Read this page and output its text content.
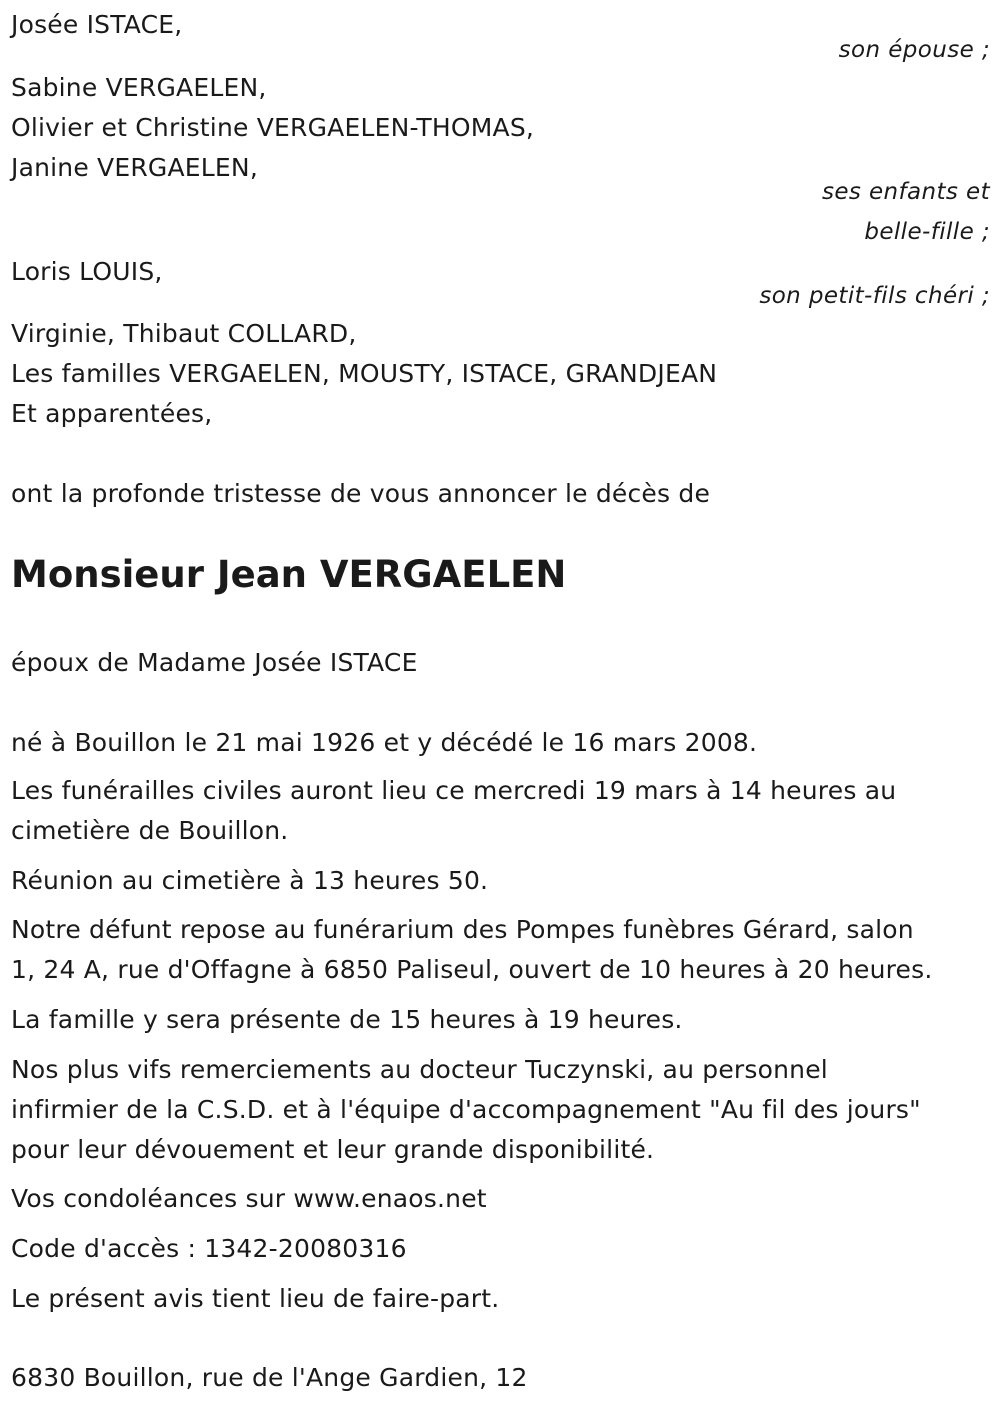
Josée ISTACE,
son épouse ;
Sabine VERGAELEN,
Olivier et Christine VERGAELEN-THOMAS,
Janine VERGAELEN,
ses enfants et
belle-fille ;
Loris LOUIS,
son petit-fils chéri ;
Virginie, Thibaut COLLARD,
Les familles VERGAELEN, MOUSTY, ISTACE, GRANDJEAN
Et apparentées,
ont la profonde tristesse de vous annoncer le décès de
Monsieur Jean VERGAELEN
époux de Madame Josée ISTACE
né à Bouillon le 21 mai 1926 et y décédé le 16 mars 2008.
Les funérailles civiles auront lieu ce mercredi 19 mars à 14 heures au
cimetière de Bouillon.
Réunion au cimetière à 13 heures 50.
Notre défunt repose au funérarium des Pompes funèbres Gérard, salon
1, 24 A, rue d'Offagne à 6850 Paliseul, ouvert de 10 heures à 20 heures.
La famille y sera présente de 15 heures à 19 heures.
Nos plus vifs remerciements au docteur Tuczynski, au personnel
infirmier de la C.S.D. et à l'équipe d'accompagnement "Au fil des jours"
pour leur dévouement et leur grande disponibilité.
Vos condoléances sur www.enaos.net
Code d'accès : 1342-20080316
Le présent avis tient lieu de faire-part.
6830 Bouillon, rue de l'Ange Gardien, 12
